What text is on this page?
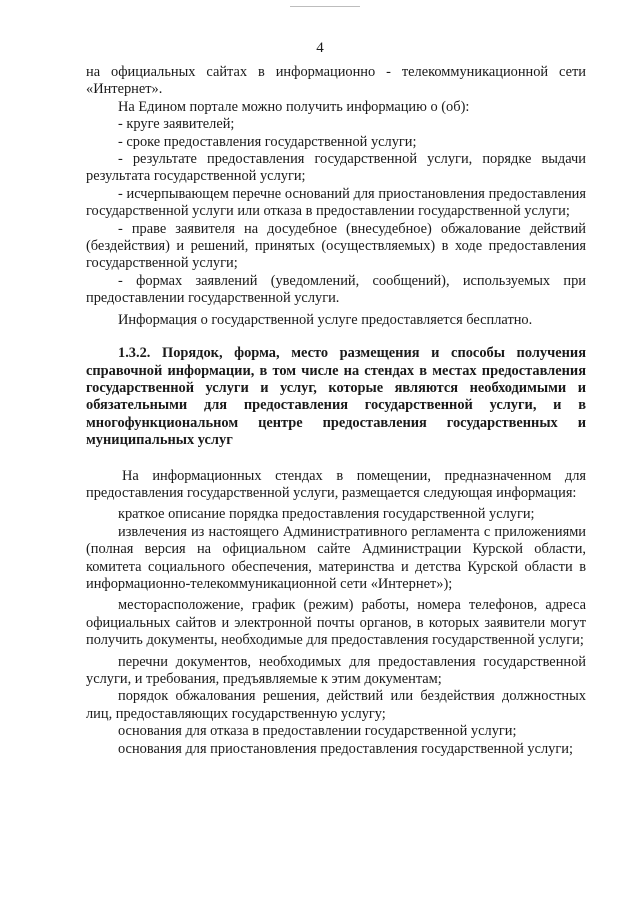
4

на официальных сайтах в информационно - телекоммуникационной сети «Интернет».

На Едином портале можно получить информацию о (об):

- круге заявителей;

- сроке предоставления государственной услуги;

- результате предоставления государственной услуги, порядке выдачи результата государственной услуги;

- исчерпывающем перечне оснований для приостановления предоставления государственной услуги или отказа в предоставлении государственной услуги;

- праве заявителя на досудебное (внесудебное) обжалование действий (бездействия) и решений, принятых (осуществляемых) в ходе предоставления государственной услуги;

- формах заявлений (уведомлений, сообщений), используемых при предоставлении государственной услуги.

Информация о государственной услуге предоставляется бесплатно.

1.3.2. Порядок, форма, место размещения и способы получения справочной информации, в том числе на стендах в местах предоставления государственной услуги и услуг, которые являются необходимыми и обязательными для предоставления государственной услуги, и в многофункциональном центре предоставления государственных и муниципальных услуг

На информационных стендах в помещении, предназначенном для предоставления государственной услуги, размещается следующая информация:

краткое описание порядка предоставления государственной услуги;

извлечения из настоящего Административного регламента с приложениями (полная версия на официальном сайте Администрации Курской области, комитета социального обеспечения, материнства и детства Курской области в информационно-телекоммуникационной сети «Интернет»);

месторасположение, график (режим) работы, номера телефонов, адреса официальных сайтов и электронной почты органов, в которых заявители могут получить документы, необходимые для предоставления государственной услуги;

перечни документов, необходимых для предоставления государственной услуги, и требования, предъявляемые к этим документам;

порядок обжалования решения, действий или бездействия должностных лиц, предоставляющих государственную услугу;

основания для отказа в предоставлении государственной услуги;

основания для приостановления предоставления государственной услуги;
